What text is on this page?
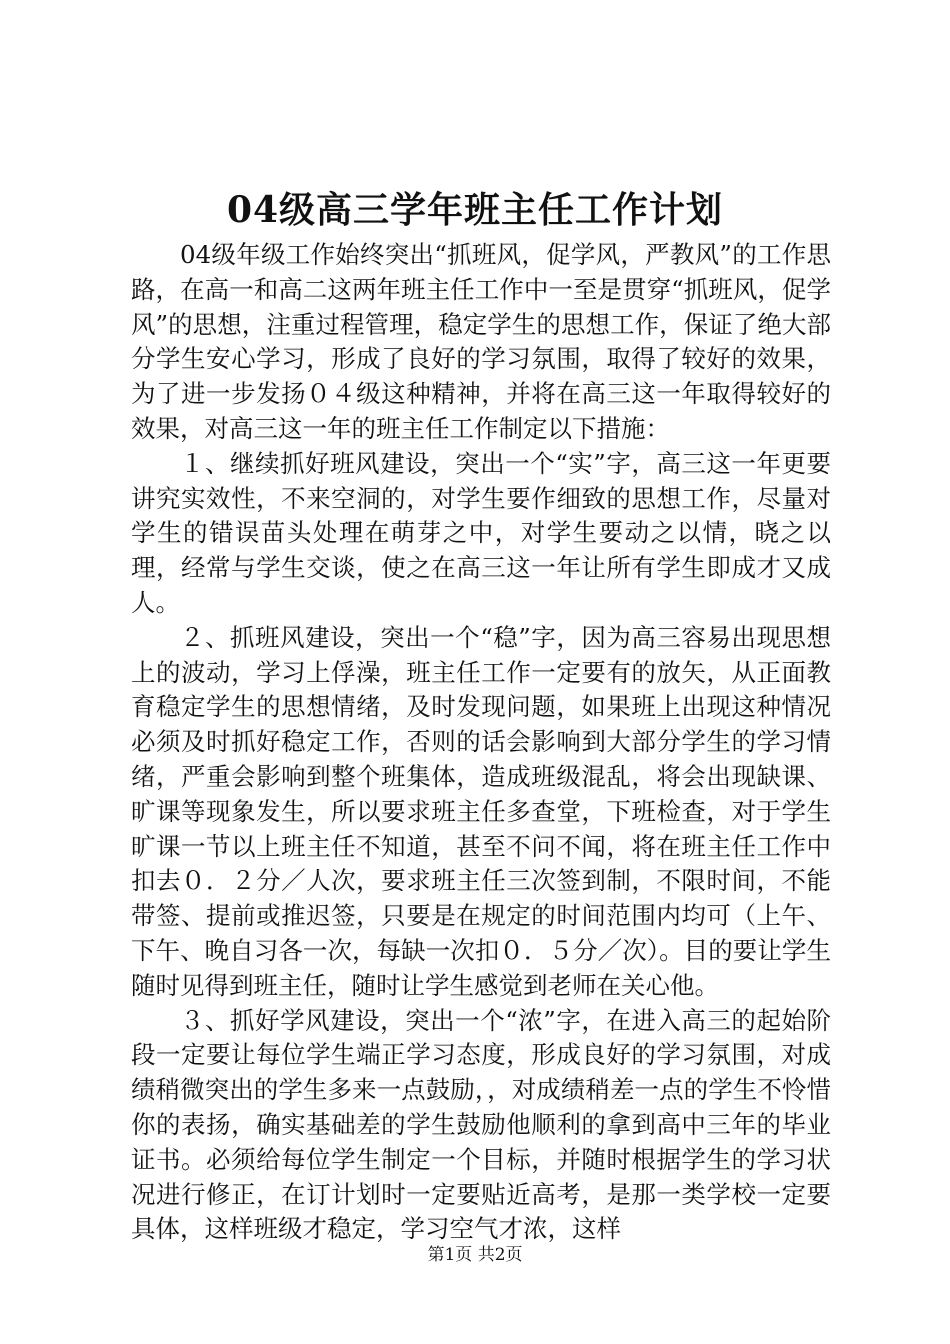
04级高三学年班主任工作计划

04级年级工作始终突出“抓班风，促学风，严教风”的工作思路，在高一和高二这两年班主任工作中一至是贯穿“抓班风，促学风”的思想，注重过程管理，稳定学生的思想工作，保证了绝大部分学生安心学习，形成了良好的学习氛围，取得了较好的效果，为了进一步发扬０４级这种精神，并将在高三这一年取得较好的效果，对高三这一年的班主任工作制定以下措施：

１、继续抓好班风建设，突出一个“实”字，高三这一年更要讲究实效性，不来空洞的，对学生要作细致的思想工作，尽量对学生的错误苗头处理在萌芽之中，对学生要动之以情，晓之以理，经常与学生交谈，使之在高三这一年让所有学生即成才又成人。

２、抓班风建设，突出一个“稳”字，因为高三容易出现思想上的波动，学习上俘澡，班主任工作一定要有的放矢，从正面教育稳定学生的思想情绪，及时发现问题，如果班上出现这种情况必须及时抓好稳定工作，否则的话会影响到大部分学生的学习情绪，严重会影响到整个班集体，造成班级混乱，将会出现缺课、旷课等现象发生，所以要求班主任多查堂，下班检查，对于学生旷课一节以上班主任不知道，甚至不问不闻，将在班主任工作中扣去０．２分／人次，要求班主任三次签到制，不限时间，不能带签、提前或推迟签，只要是在规定的时间范围内均可（上午、下午、晚自习各一次，每缺一次扣０．５分／次）。目的要让学生随时见得到班主任，随时让学生感觉到老师在关心他。

３、抓好学风建设，突出一个“浓”字，在进入高三的起始阶段一定要让每位学生端正学习态度，形成良好的学习氛围，对成绩稍微突出的学生多来一点鼓励，，对成绩稍差一点的学生不怜惜你的表扬，确实基础差的学生鼓励他顺利的拿到高中三年的毕业证书。必须给每位学生制定一个目标，并随时根据学生的学习状况进行修正，在订计划时一定要贴近高考，是那一类学校一定要具体，这样班级才稳定，学习空气才浓，这样

第1页 共2页
